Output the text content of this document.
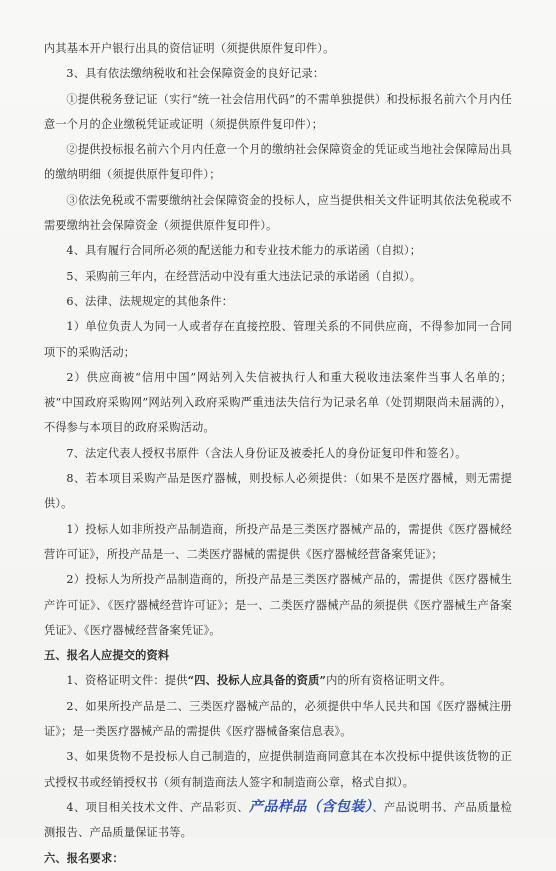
内其基本开户银行出具的资信证明（须提供原件复印件）。

3、具有依法缴纳税收和社会保障资金的良好记录：

①提供税务登记证（实行“统一社会信用代码”的不需单独提供）和投标报名前六个月内任意一个月的企业缴税凭证或证明（须提供原件复印件）；

②提供投标报名前六个月内任意一个月的缴纳社会保障资金的凭证或当地社会保障局出具的缴纳明细（须提供原件复印件）；

③依法免税或不需要缴纳社会保障资金的投标人，应当提供相关文件证明其依法免税或不需要缴纳社会保障资金（须提供原件复印件）。

4、具有履行合同所必须的配送能力和专业技术能力的承诺函（自拟）；

5、采购前三年内，在经营活动中没有重大违法记录的承诺函（自拟）。

6、法律、法规规定的其他条件：

1）单位负责人为同一人或者存在直接控股、管理关系的不同供应商，不得参加同一合同项下的采购活动；

2）供应商被“信用中国”网站列入失信被执行人和重大税收违法案件当事人名单的；被“中国政府采购网”网站列入政府采购严重违法失信行为记录名单（处罚期限尚未届满的），不得参与本项目的政府采购活动。

7、法定代表人授权书原件（含法人身份证及被委托人的身份证复印件和签名）。

8、若本项目采购产品是医疗器械，则投标人必须提供：（如果不是医疗器械，则无需提供）。

1）投标人如非所投产品制造商，所投产品是三类医疗器械产品的，需提供《医疗器械经营许可证》，所投产品是一、二类医疗器械的需提供《医疗器械经营备案凭证》；

2）投标人为所投产品制造商的，所投产品是三类医疗器械产品的，需提供《医疗器械生产许可证》、《医疗器械经营许可证》；是一、二类医疗器械产品的须提供《医疗器械生产备案凭证》、《医疗器械经营备案凭证》。

五、报名人应提交的资料

1、资格证明文件：提供“四、投标人应具备的资质”内的所有资格证明文件。

2、如果所投产品是二、三类医疗器械产品的，必须提供中华人民共和国《医疗器械注册证》；是一类医疗器械产品的需提供《医疗器械备案信息表》。

3、如果货物不是投标人自己制造的，应提供制造商同意其在本次投标中提供该货物的正式授权书或经销授权书（须有制造商法人签字和制造商公章，格式自拟）。

4、项目相关技术文件、产品彩页、产品样品（含包装）、产品说明书、产品质量检测报告、产品质量保证书等。

六、报名要求：
